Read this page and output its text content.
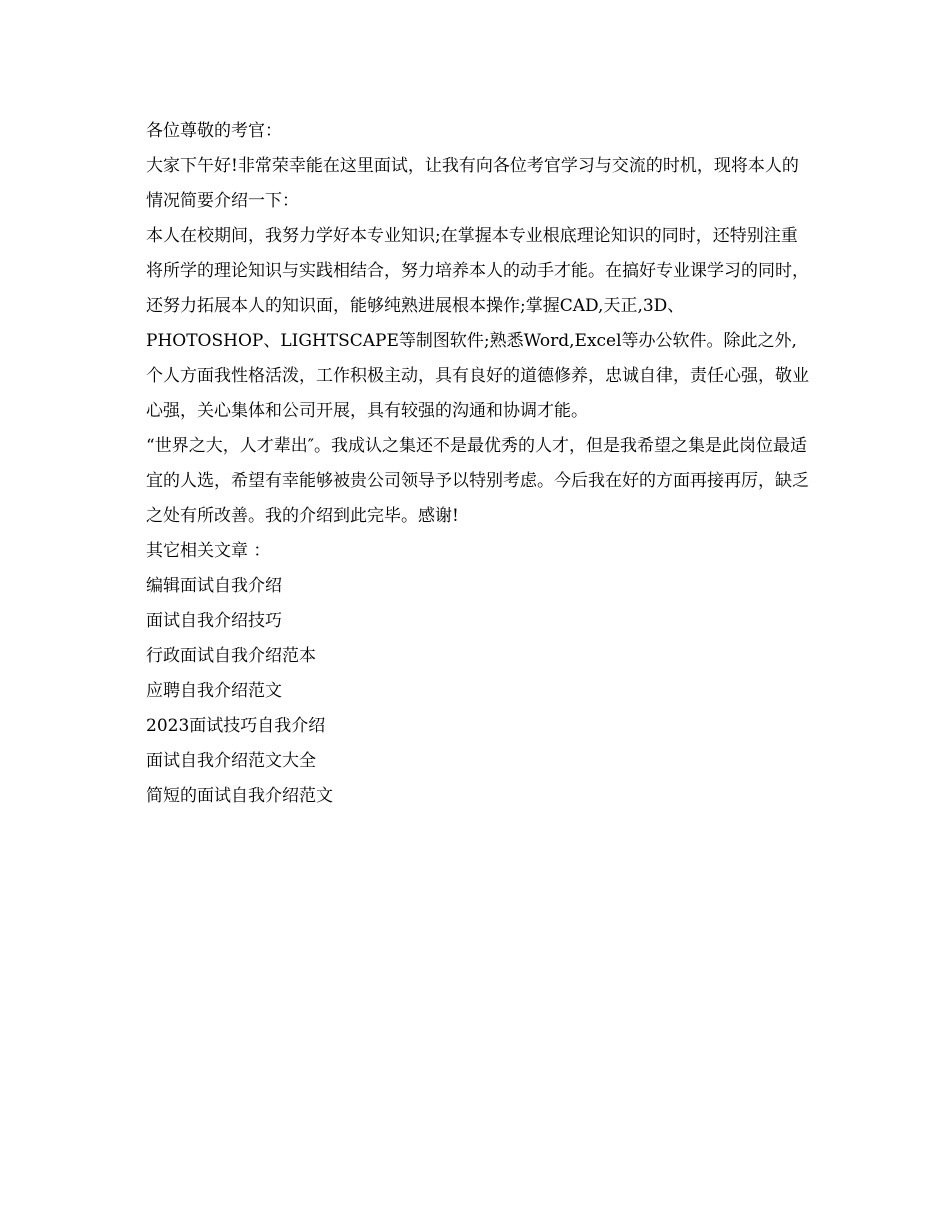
各位尊敬的考官：

大家下午好!非常荣幸能在这里面试，让我有向各位考官学习与交流的时机，现将本人的情况简要介绍一下：

本人在校期间，我努力学好本专业知识;在掌握本专业根底理论知识的同时，还特别注重将所学的理论知识与实践相结合，努力培养本人的动手才能。在搞好专业课学习的同时，还努力拓展本人的知识面，能够纯熟进展根本操作;掌握CAD,天正,3D、PHOTOSHOP、LIGHTSCAPE等制图软件;熟悉Word,Excel等办公软件。除此之外,个人方面我性格活泼，工作积极主动，具有良好的道德修养，忠诚自律，责任心强，敬业心强，关心集体和公司开展，具有较强的沟通和协调才能。

“世界之大，人才辈出″。我成认之集还不是最优秀的人才，但是我希望之集是此岗位最适宜的人选，希望有幸能够被贵公司领导予以特别考虑。今后我在好的方面再接再厉，缺乏之处有所改善。我的介绍到此完毕。感谢!

其它相关文章 ：

编辑面试自我介绍
面试自我介绍技巧
行政面试自我介绍范本
应聘自我介绍范文
2023面试技巧自我介绍
面试自我介绍范文大全
简短的面试自我介绍范文
